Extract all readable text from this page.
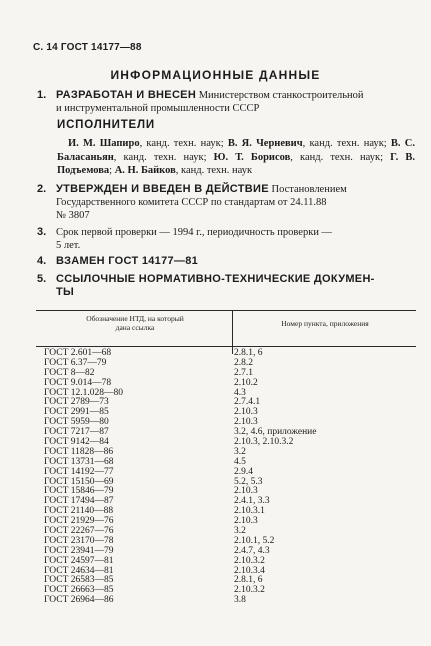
С. 14 ГОСТ 14177—88
ИНФОРМАЦИОННЫЕ ДАННЫЕ
1. РАЗРАБОТАН И ВНЕСЕН Министерством станкостроительной
и инструментальной промышленности СССР
ИСПОЛНИТЕЛИ
И. М. Шапиро, канд. техн. наук; В. Я. Черневич, канд. техн. наук; В. С. Баласаньян, канд. техн. наук; Ю. Т. Борисов, канд. техн. наук; Г. В. Подъемова; А. Н. Байков, канд. техн. наук
2. УТВЕРЖДЕН И ВВЕДЕН В ДЕЙСТВИЕ Постановлением
Государственного комитета СССР по стандартам от 24.11.88
№ 3807
3. Срок первой проверки — 1994 г., периодичность проверки —
5 лет.
4. ВЗАМЕН ГОСТ 14177—81
5. ССЫЛОЧНЫЕ НОРМАТИВНО-ТЕХНИЧЕСКИЕ ДОКУМЕН-
ТЫ
Обозначение НТД, на который
дана ссылка	Номер пункта, приложения
ГОСТ 2.601—68	2.8.1, 6
ГОСТ 6.37—79	2.8.2
ГОСТ 8—82	2.7.1
ГОСТ 9.014—78	2.10.2
ГОСТ 12.1.028—80	4.3
ГОСТ 2789—73	2.7.4.1
ГОСТ 2991—85	2.10.3
ГОСТ 5959—80	2.10.3
ГОСТ 7217—87	3.2, 4.6, приложение
ГОСТ 9142—84	2.10.3, 2.10.3.2
ГОСТ 11828—86	3.2
ГОСТ 13731—68	4.5
ГОСТ 14192—77	2.9.4
ГОСТ 15150—69	5.2, 5.3
ГОСТ 15846—79	2.10.3
ГОСТ 17494—87	2.4.1, 3.3
ГОСТ 21140—88	2.10.3.1
ГОСТ 21929—76	2.10.3
ГОСТ 22267—76	3.2
ГОСТ 23170—78	2.10.1, 5.2
ГОСТ 23941—79	2.4.7, 4.3
ГОСТ 24597—81	2.10.3.2
ГОСТ 24634—81	2.10.3.4
ГОСТ 26583—85	2.8.1, 6
ГОСТ 26663—85	2.10.3.2
ГОСТ 26964—86	3.8
